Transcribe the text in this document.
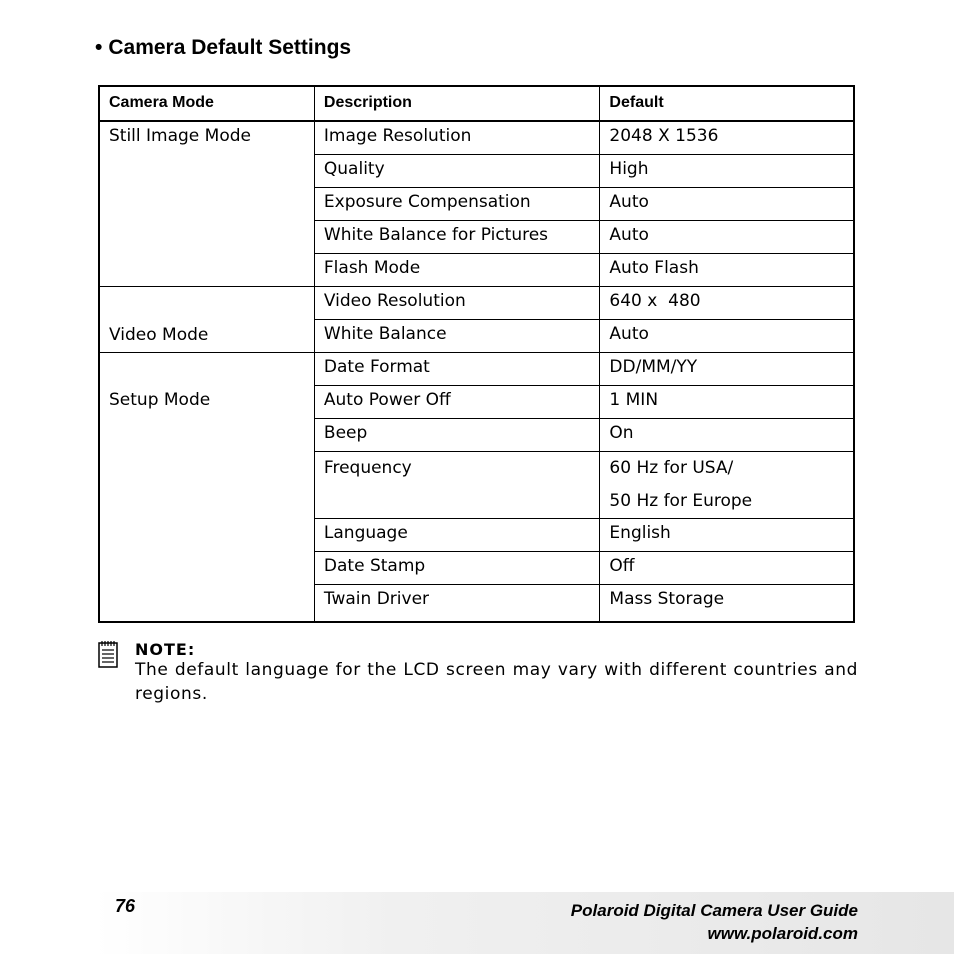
• Camera Default Settings
Camera Mode	Description	Default
Still Image Mode	Image Resolution	2048 X 1536
	Quality	High
	Exposure Compensation	Auto
	White Balance for Pictures	Auto
	Flash Mode	Auto Flash
Video Mode	Video Resolution	640 x  480
	White Balance	Auto

Setup Mode	Date Format	DD/MM/YY
	Auto Power Off	1 MIN
	Beep	On
	Frequency	60 Hz for USA/
50 Hz for Europe

	Language	English
	Date Stamp	Off
	Twain Driver	Mass Storage
NOTE:
The default language for the LCD screen may vary with different countries and regions.
76	Polaroid Digital Camera User Guide
www.polaroid.com
